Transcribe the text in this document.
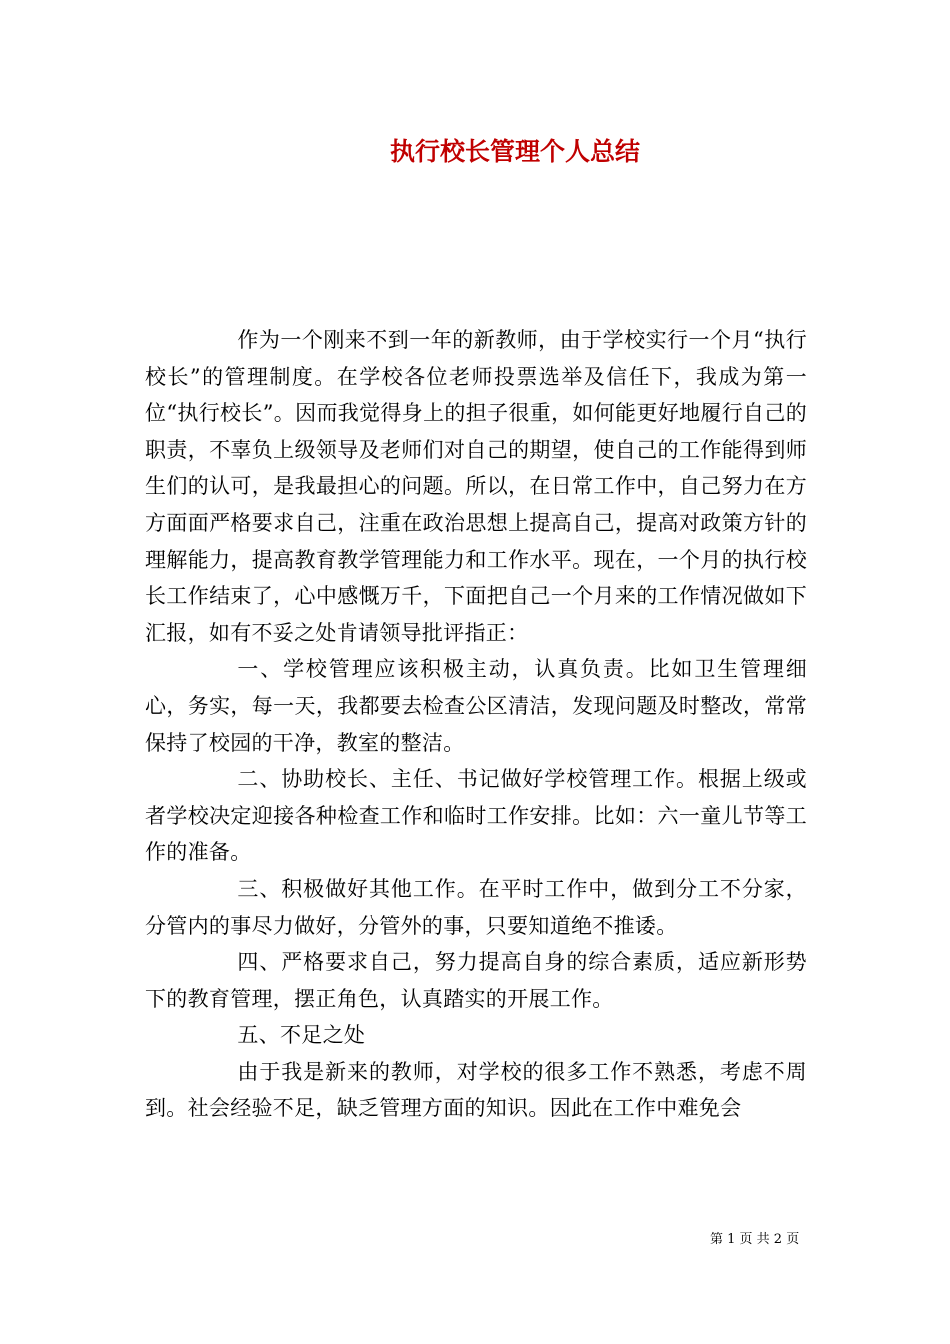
执行校长管理个人总结

作为一个刚来不到一年的新教师，由于学校实行一个月“执行校长”的管理制度。在学校各位老师投票选举及信任下，我成为第一位“执行校长”。因而我觉得身上的担子很重，如何能更好地履行自己的职责，不辜负上级领导及老师们对自己的期望，使自己的工作能得到师生们的认可，是我最担心的问题。所以，在日常工作中，自己努力在方方面面严格要求自己，注重在政治思想上提高自己，提高对政策方针的理解能力，提高教育教学管理能力和工作水平。现在，一个月的执行校长工作结束了，心中感慨万千，下面把自己一个月来的工作情况做如下汇报，如有不妥之处肯请领导批评指正：

一、学校管理应该积极主动，认真负责。比如卫生管理细心，务实，每一天，我都要去检查公区清洁，发现问题及时整改，常常保持了校园的干净，教室的整洁。

二、协助校长、主任、书记做好学校管理工作。根据上级或者学校决定迎接各种检查工作和临时工作安排。比如：六一童儿节等工作的准备。

三、积极做好其他工作。在平时工作中，做到分工不分家，分管内的事尽力做好，分管外的事，只要知道绝不推诿。

四、严格要求自己，努力提高自身的综合素质，适应新形势下的教育管理，摆正角色，认真踏实的开展工作。

五、不足之处

由于我是新来的教师，对学校的很多工作不熟悉，考虑不周到。社会经验不足，缺乏管理方面的知识。因此在工作中难免会

第 1 页 共 2 页
